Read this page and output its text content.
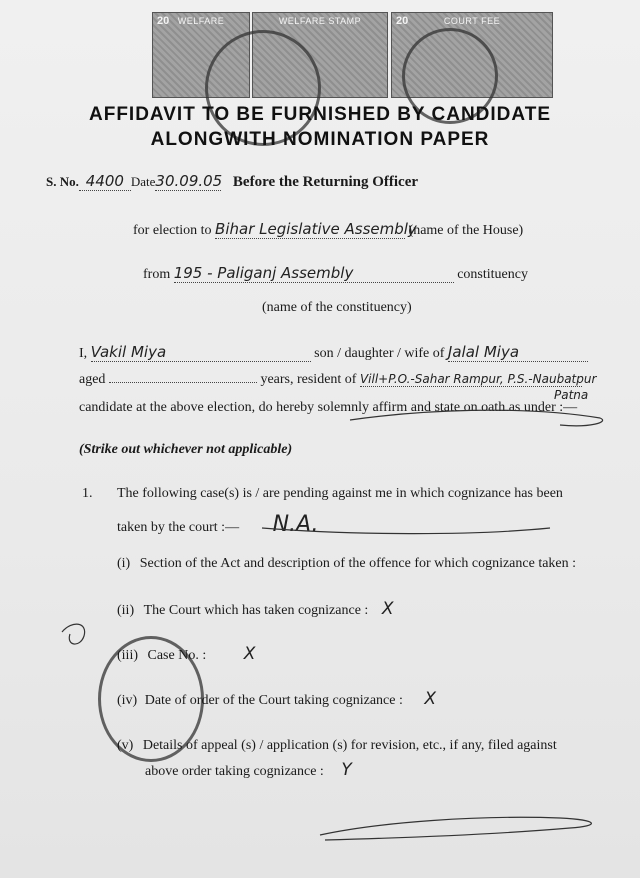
20 WELFARE	WELFARE STAMP	20	COURT FEE
AFFIDAVIT TO BE FURNISHED BY CANDIDATE
ALONGWITH NOMINATION PAPER
S. No. 4400 Date30.09.05 Before the Returning Officer
for election to Bihar Legislative Assembly (name of the House)
from 195 - Paliganj Assembly	constituency
(name of the constituency)
I, Vakil Miya	son / daughter / wife of Jalal Miya
aged	years, resident of Vill+P.O.-Sahar Rampur, P.S.-Naubatpur
Patna
candidate at the above election, do hereby solemnly affirm and state on oath as under :—
(Strike out whichever not applicable)
1. The following case(s) is / are pending against me in which cognizance has been
taken by the court :— N.A.
(i) Section of the Act and description of the offence for which cognizance taken :
(ii) The Court which has taken cognizance : X
(iii) Case No. : X
(iv) Date of order of the Court taking cognizance : X
(v) Details of appeal (s) / application (s) for revision, etc., if any, filed against
above order taking cognizance : Y
